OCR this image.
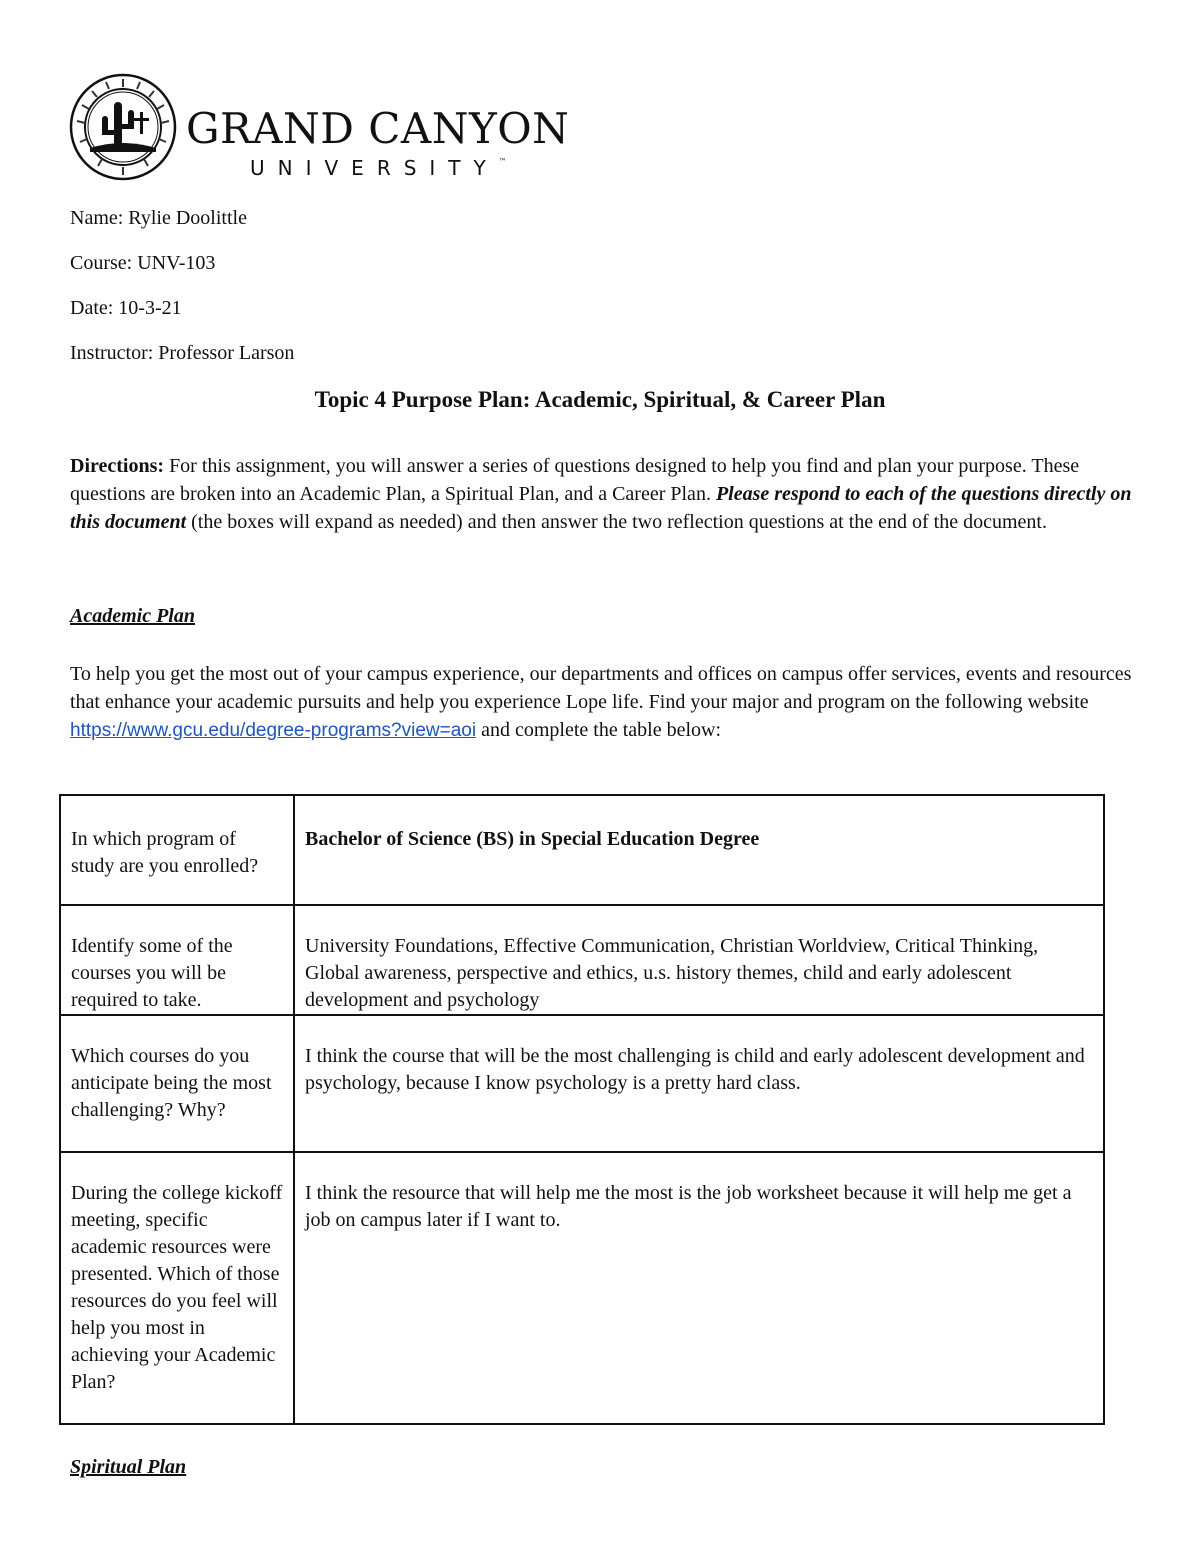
GRAND CANYON
UNIVERSITY™
Name: Rylie Doolittle
Course: UNV-103
Date: 10-3-21
Instructor: Professor Larson
Topic 4 Purpose Plan: Academic, Spiritual, & Career Plan
Directions: For this assignment, you will answer a series of questions designed to help you find and plan your purpose. These questions are broken into an Academic Plan, a Spiritual Plan, and a Career Plan. Please respond to each of the questions directly on this document (the boxes will expand as needed) and then answer the two reflection questions at the end of the document.
Academic Plan
To help you get the most out of your campus experience, our departments and offices on campus offer services, events and resources that enhance your academic pursuits and help you experience Lope life. Find your major and program on the following website https://www.gcu.edu/degree-programs?view=aoi and complete the table below:
In which program of study are you enrolled?	Bachelor of Science (BS) in Special Education Degree
Identify some of the courses you will be required to take.	University Foundations, Effective Communication, Christian Worldview, Critical Thinking, Global awareness, perspective and ethics, u.s. history themes, child and early adolescent development and psychology
Which courses do you anticipate being the most challenging? Why?	I think the course that will be the most challenging is child and early adolescent development and psychology, because I know psychology is a pretty hard class.
During the college kickoff meeting, specific academic resources were presented. Which of those resources do you feel will help you most in achieving your Academic Plan?	I think the resource that will help me the most is the job worksheet because it will help me get a job on campus later if I want to.
Spiritual Plan
